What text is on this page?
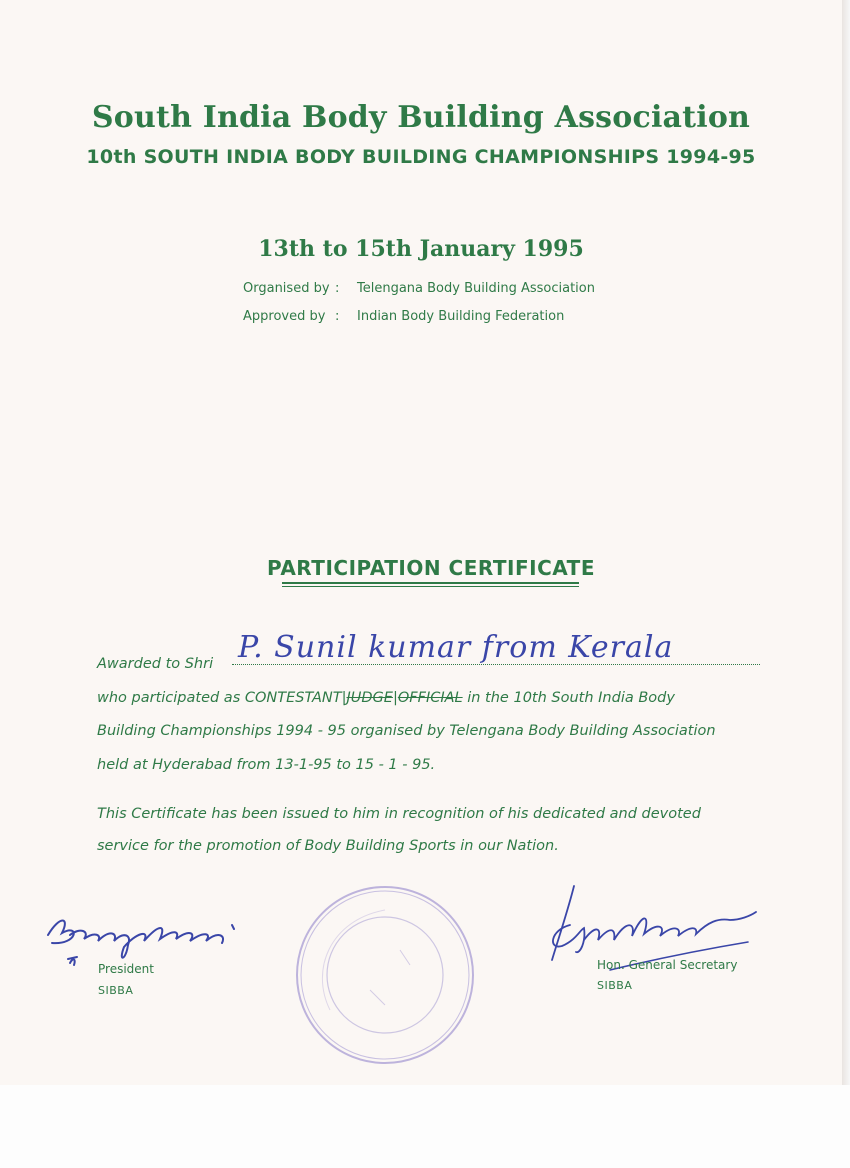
South India Body Building Association
10th SOUTH INDIA BODY BUILDING CHAMPIONSHIPS 1994-95
13th to 15th January 1995
Organised by : Telengana Body Building Association
Approved by : Indian Body Building Federation
PARTICIPATION CERTIFICATE
Awarded to Shri P. Sunil kumar from Kerala
who participated as CONTESTANT|JUDGE|OFFICIAL in the 10th South India Body
Building Championships 1994 - 95 organised by Telengana Body Building Association
held at Hyderabad from 13-1-95 to 15 - 1 - 95.
This Certificate has been issued to him in recognition of his dedicated and devoted
service for the promotion of Body Building Sports in our Nation.
President
SIBBA
Hon. General Secretary
SIBBA
